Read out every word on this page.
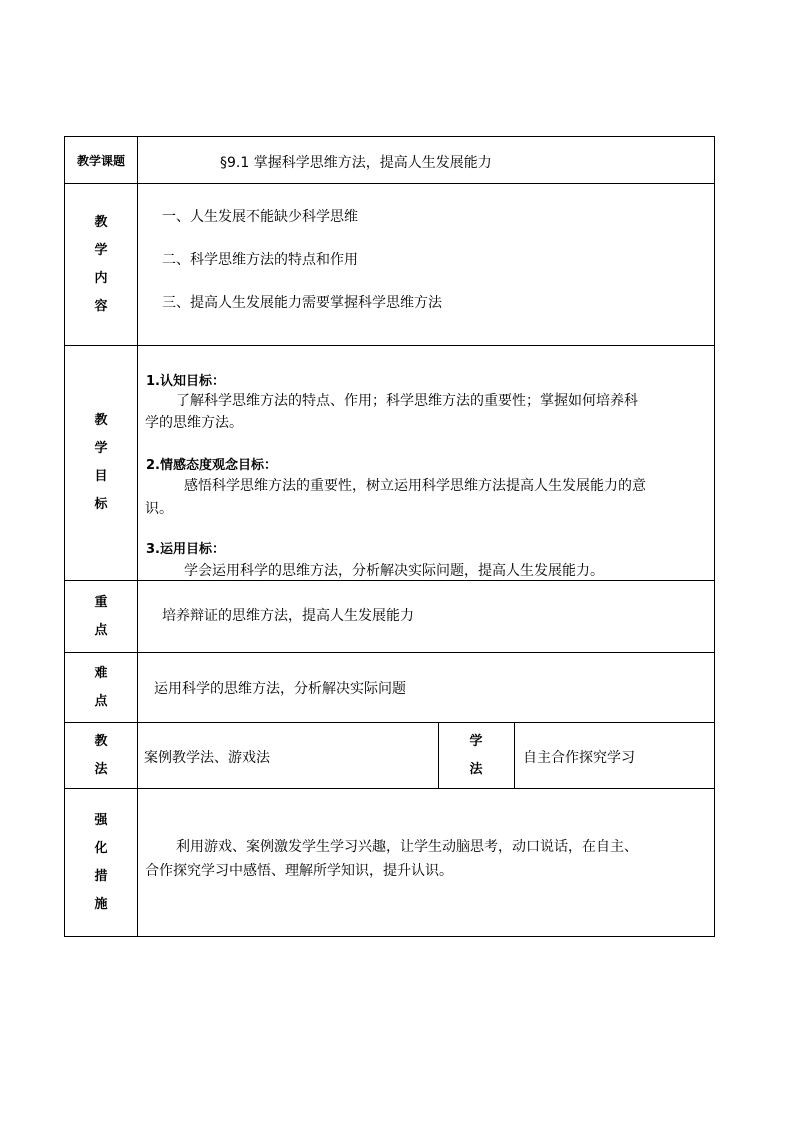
教学课题	§9.1 掌握科学思维方法，提高人生发展能力
教
学
内
容
一、人生发展不能缺少科学思维
二、科学思维方法的特点和作用
三、提高人生发展能力需要掌握科学思维方法
教
学
目
标
1.认知目标：
了解科学思维方法的特点、作用；科学思维方法的重要性；掌握如何培养科
学的思维方法。
2.情感态度观念目标：
感悟科学思维方法的重要性，树立运用科学思维方法提高人生发展能力的意
识。
3.运用目标：
学会运用科学的思维方法，分析解决实际问题，提高人生发展能力。
重
点
培养辩证的思维方法，提高人生发展能力
难
点
运用科学的思维方法，分析解决实际问题
教
法
案例教学法、游戏法
学
法
自主合作探究学习
强
化
措
施
利用游戏、案例激发学生学习兴趣，让学生动脑思考，动口说话，在自主、
合作探究学习中感悟、理解所学知识，提升认识。
